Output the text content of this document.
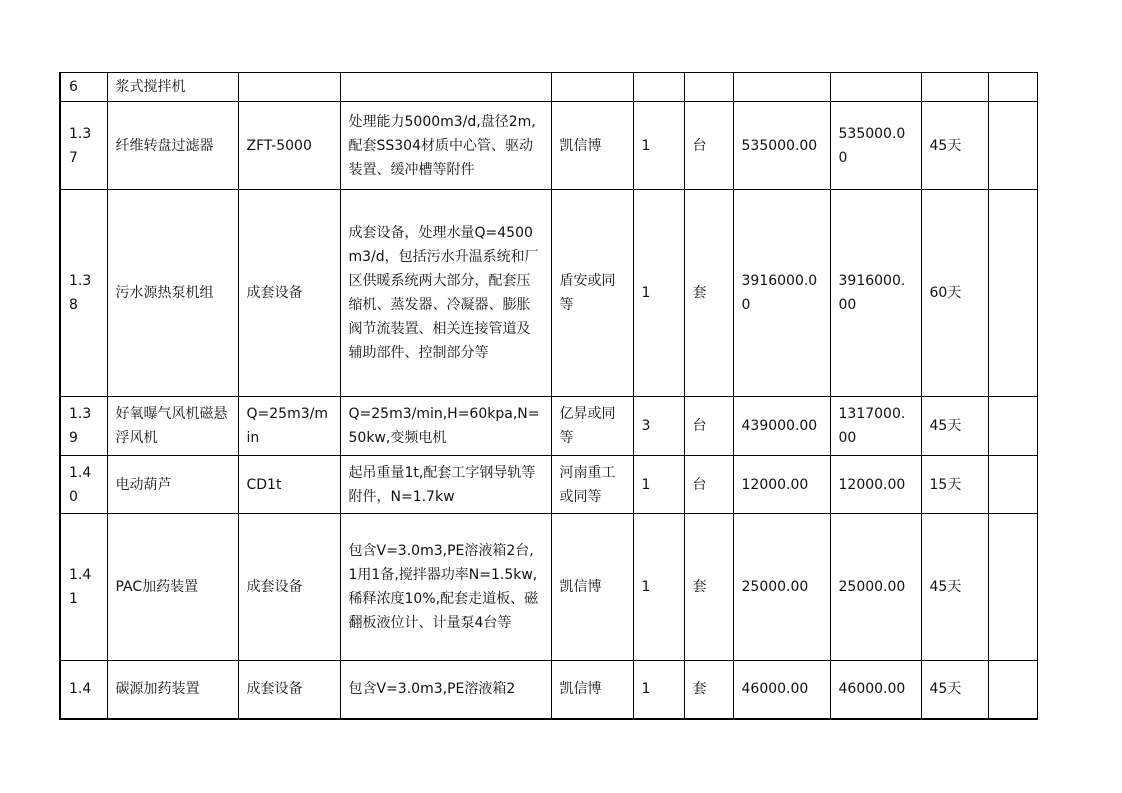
6	浆式搅拌机									
1.37	纤维转盘过滤器	ZFT-5000	处理能力5000m3/d,盘径2m,配套SS304材质中心管、驱动装置、缓冲槽等附件	凯信博	1	台	535000.00	535000.00	45天	
1.38	污水源热泵机组	成套设备	成套设备，处理水量Q=4500m3/d，包括污水升温系统和厂区供暖系统两大部分，配套压缩机、蒸发器、冷凝器、膨胀阀节流装置、相关连接管道及辅助部件、控制部分等	盾安或同等	1	套	3916000.00	3916000.00	60天	
1.39	好氧曝气风机磁悬浮风机	Q=25m3/min	Q=25m3/min,H=60kpa,N=50kw,变频电机	亿昇或同等	3	台	439000.00	1317000.00	45天	
1.40	电动葫芦	CD1t	起吊重量1t,配套工字钢导轨等附件，N=1.7kw	河南重工或同等	1	台	12000.00	12000.00	15天	
1.41	PAC加药装置	成套设备	包含V=3.0m3,PE溶液箱2台,1用1备,搅拌器功率N=1.5kw,稀释浓度10%,配套走道板、磁翻板液位计、计量泵4台等	凯信博	1	套	25000.00	25000.00	45天	
1.4	碳源加药装置	成套设备	包含V=3.0m3,PE溶液箱2	凯信博	1	套	46000.00	46000.00	45天	
